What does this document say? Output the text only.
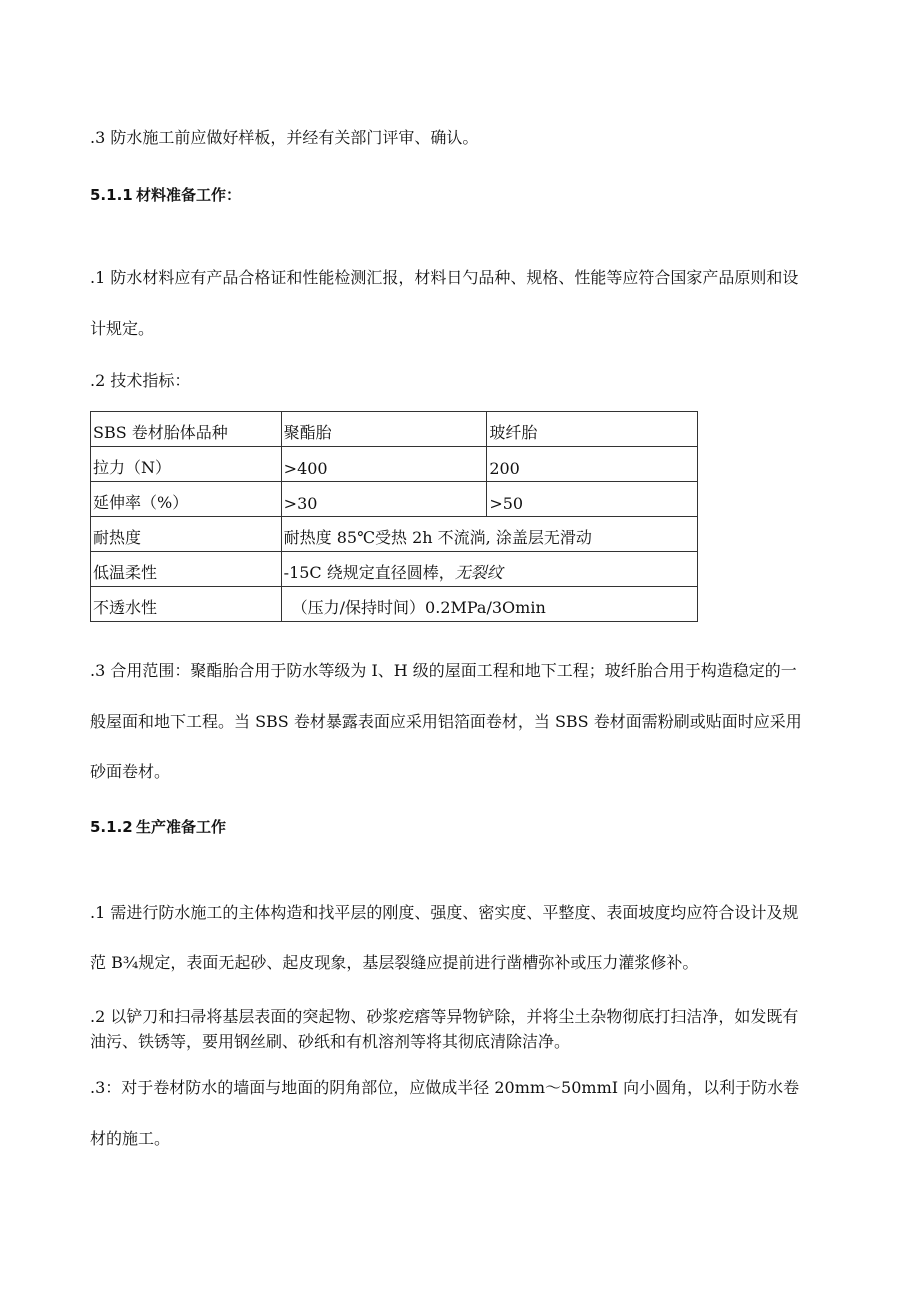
.3 防水施工前应做好样板，并经有关部门评审、确认。
5.1.1 材料准备工作：
.1 防水材料应有产品合格证和性能检测汇报，材料日勺品种、规格、性能等应符合国家产品原则和设
计规定。
.2 技术指标：
SBS 卷材胎体品种	聚酯胎	玻纤胎
拉力（N）	>400	200
延伸率（%）	>30	>50
耐热度	耐热度 85℃受热 2h 不流淌, 涂盖层无滑动	
低温柔性	-15C 绕规定直径圆棒，无裂纹	
不透水性	（压力/保持时间）0.2MPa/3Omin	
.3 合用范围：聚酯胎合用于防水等级为 I、H 级的屋面工程和地下工程；玻纤胎合用于构造稳定的一
般屋面和地下工程。当 SBS 卷材暴露表面应采用铝箔面卷材，当 SBS 卷材面需粉刷或贴面时应采用
砂面卷材。
5.1.2 生产准备工作
.1 需进行防水施工的主体构造和找平层的刚度、强度、密实度、平整度、表面坡度均应符合设计及规
范 B¾规定，表面无起砂、起皮现象，基层裂缝应提前进行凿槽弥补或压力灌浆修补。
.2 以铲刀和扫帚将基层表面的突起物、砂浆疙瘩等异物铲除，并将尘土杂物彻底打扫洁净，如发既有
油污、铁锈等，要用钢丝刷、砂纸和有机溶剂等将其彻底清除洁净。
.3：对于卷材防水的墙面与地面的阴角部位，应做成半径 20mm～50mmI 向小圆角，以利于防水卷
材的施工。
